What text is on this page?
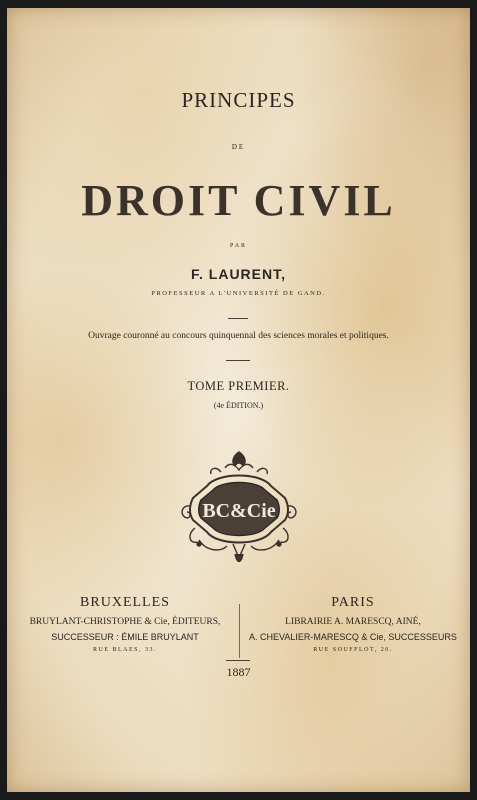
PRINCIPES
DE
DROIT CIVIL
PAR
F. LAURENT,
PROFESSEUR A L'UNIVERSITÉ DE GAND.
Ouvrage couronné au concours quinquennal des sciences morales et politiques.
TOME PREMIER.
(4e ÉDITION.)
BC&Cie
BRUXELLES
BRUYLANT-CHRISTOPHE & Cie, ÉDITEURS,
SUCCESSEUR : ÉMILE BRUYLANT
RUE BLAES, 33.
PARIS
LIBRAIRIE A. MARESCQ, AINÉ,
A. CHEVALIER-MARESCQ & Cie, SUCCESSEURS
RUE SOUFFLOT, 20.
1887
